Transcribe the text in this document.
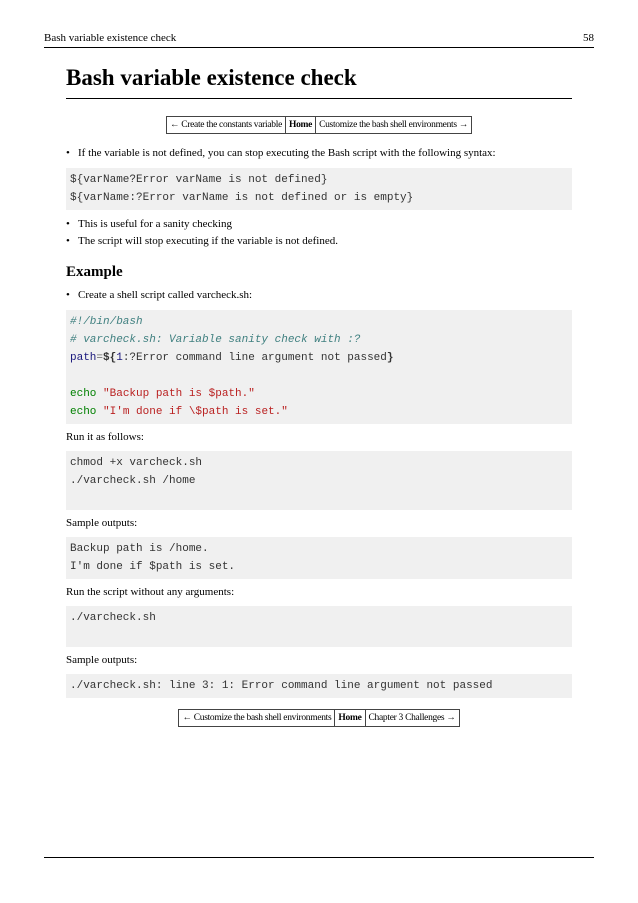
Bash variable existence check	58
Bash variable existence check
← Create the constants variable	Home	Customize the bash shell environments →
• If the variable is not defined, you can stop executing the Bash script with the following syntax:
${varName?Error varName is not defined}
${varName:?Error varName is not defined or is empty}
• This is useful for a sanity checking
• The script will stop executing if the variable is not defined.
Example
• Create a shell script called varcheck.sh:
#!/bin/bash
# varcheck.sh: Variable sanity check with :?
path=${1:?Error command line argument not passed}

echo "Backup path is $path."
echo "I'm done if \$path is set."

Run it as follows:

chmod +x varcheck.sh
./varcheck.sh /home

Sample outputs:

Backup path is /home.
I'm done if $path is set.

Run the script without any arguments:

./varcheck.sh

Sample outputs:

./varcheck.sh: line 3: 1: Error command line argument not passed
← Customize the bash shell environments	Home	Chapter 3 Challenges →
